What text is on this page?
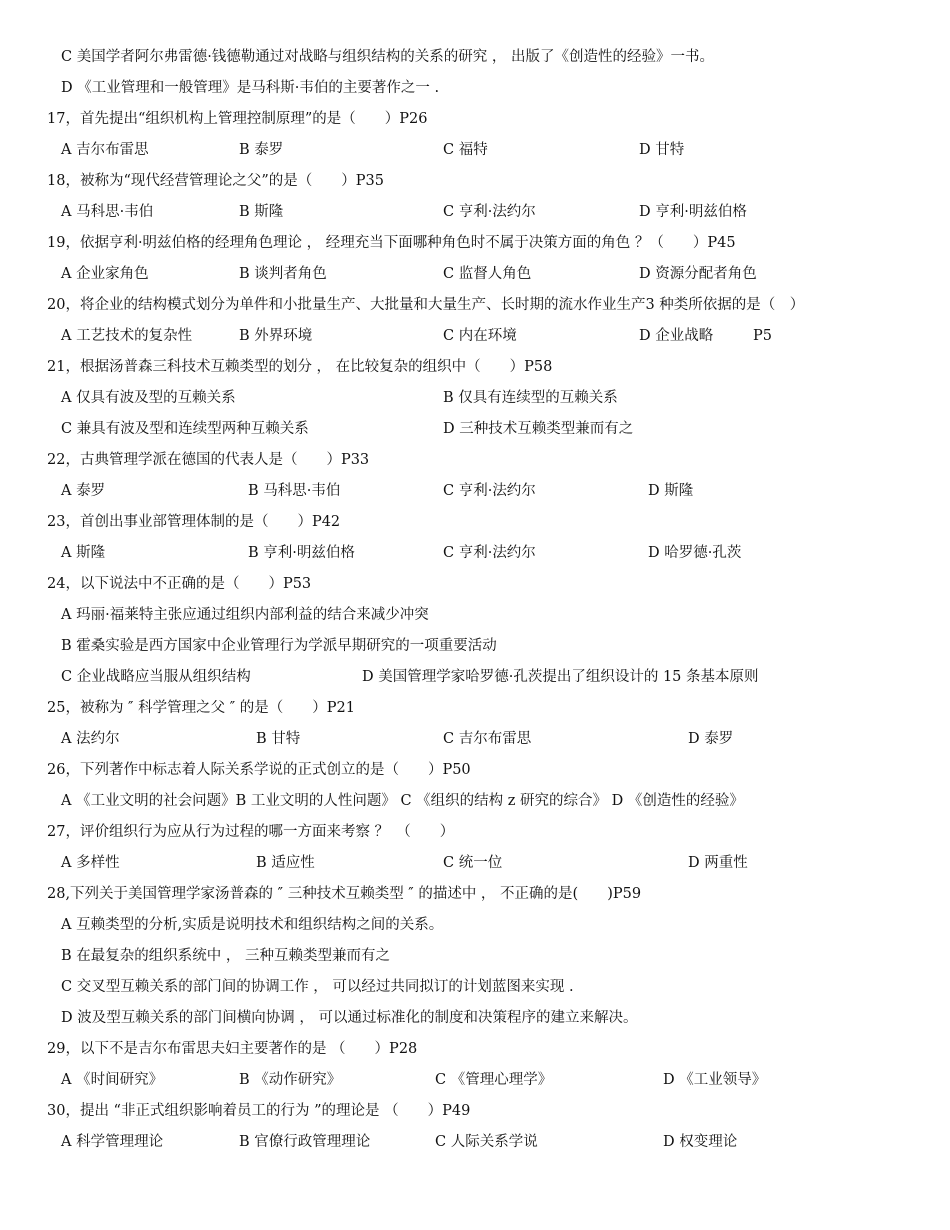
C 美国学者阿尔弗雷德·钱德勒通过对战略与组织结构的关系的研究 ， 出版了《创造性的经验》一书。
D 《工业管理和一般管理》是马科斯·韦伯的主要著作之一 .
17，首先提出“组织机构上管理控制原理”的是（　　）P26
A 吉尔布雷思	B 泰罗	C 福特	D 甘特
18，被称为“现代经营管理论之父”的是（　　）P35
A 马科思·韦伯	B 斯隆	C 亨利·法约尔	D 亨利·明兹伯格
19，依据亨利·明兹伯格的经理角色理论 ， 经理充当下面哪种角色时不属于决策方面的角色 ？（　　）P45
A 企业家角色	B 谈判者角色	C 监督人角色	D 资源分配者角色
20，将企业的结构模式划分为单件和小批量生产、大批量和大量生产、长时期的流水作业生产3 种类所依据的是（　）
A 工艺技术的复杂性	B 外界环境	C 内在环境	D 企业战略	P5
21，根据汤普森三科技术互赖类型的划分 ， 在比较复杂的组织中（　　）P58
A 仅具有波及型的互赖关系	B 仅具有连续型的互赖关系
C 兼具有波及型和连续型两种互赖关系	D 三种技术互赖类型兼而有之
22，古典管理学派在德国的代表人是（　　）P33
A 泰罗	B 马科思·韦伯	C 亨利·法约尔	D 斯隆
23，首创出事业部管理体制的是（　　）P42
A 斯隆	B 亨利·明兹伯格	C 亨利·法约尔	D 哈罗德·孔茨
24，以下说法中不正确的是（　　）P53
A 玛丽·福莱特主张应通过组织内部利益的结合来减少冲突
B 霍桑实验是西方国家中企业管理行为学派早期研究的一项重要活动
C 企业战略应当服从组织结构	D 美国管理学家哈罗德·孔茨提出了组织设计的 15 条基本原则
25，被称为 ″ 科学管理之父 ″ 的是（　　）P21
A 法约尔	B 甘特	C 吉尔布雷思	D 泰罗
26，下列著作中标志着人际关系学说的正式创立的是（　　）P50
A 《工业文明的社会问题》B 工业文明的人性问题》 C 《组织的结构 z 研究的综合》 D 《创造性的经验》
27，评价组织行为应从行为过程的哪一方面来考察 ？　（　　）
A 多样性	B 适应性	C 统一位	D 两重性
28,下列关于美国管理学家汤普森的 ″ 三种技术互赖类型 ″ 的描述中 ， 不正确的是(　　)P59
A 互赖类型的分析,实质是说明技术和组织结构之间的关系。
B 在最复杂的组织系统中 ， 三种互赖类型兼而有之
C 交叉型互赖关系的部门间的协调工作 ， 可以经过共同拟订的计划蓝图来实现 .
D 波及型互赖关系的部门间横向协调 ， 可以通过标准化的制度和决策程序的建立来解决。
29，以下不是吉尔布雷思夫妇主要著作的是 （　　）P28
A 《时间研究》	B 《动作研究》	C 《管理心理学》	D 《工业领导》
30，提出 “非正式组织影响着员工的行为 ”的理论是 （　　）P49
A 科学管理理论	B 官僚行政管理理论	C 人际关系学说	D 权变理论
